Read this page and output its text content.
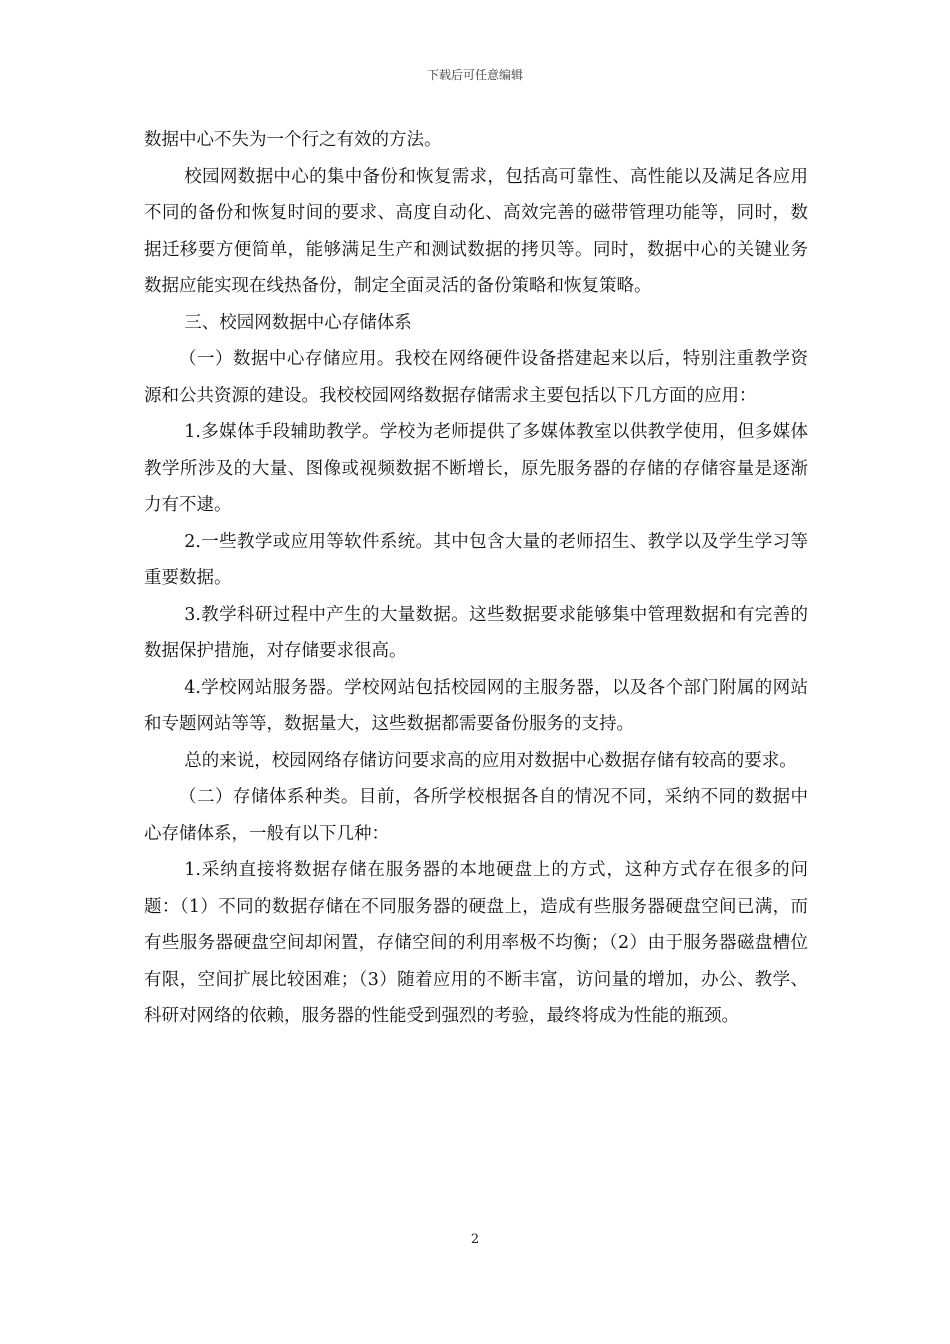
下载后可任意编辑

数据中心不失为一个行之有效的方法。

校园网数据中心的集中备份和恢复需求，包括高可靠性、高性能以及满足各应用不同的备份和恢复时间的要求、高度自动化、高效完善的磁带管理功能等，同时，数据迁移要方便简单，能够满足生产和测试数据的拷贝等。同时，数据中心的关键业务数据应能实现在线热备份，制定全面灵活的备份策略和恢复策略。

三、校园网数据中心存储体系

（一）数据中心存储应用。我校在网络硬件设备搭建起来以后，特别注重教学资源和公共资源的建设。我校校园网络数据存储需求主要包括以下几方面的应用：

1.多媒体手段辅助教学。学校为老师提供了多媒体教室以供教学使用，但多媒体教学所涉及的大量、图像或视频数据不断增长，原先服务器的存储的存储容量是逐渐力有不逮。

2.一些教学或应用等软件系统。其中包含大量的老师招生、教学以及学生学习等重要数据。

3.教学科研过程中产生的大量数据。这些数据要求能够集中管理数据和有完善的数据保护措施，对存储要求很高。

4.学校网站服务器。学校网站包括校园网的主服务器，以及各个部门附属的网站和专题网站等等，数据量大，这些数据都需要备份服务的支持。

总的来说，校园网络存储访问要求高的应用对数据中心数据存储有较高的要求。

（二）存储体系种类。目前，各所学校根据各自的情况不同，采纳不同的数据中心存储体系，一般有以下几种：

1.采纳直接将数据存储在服务器的本地硬盘上的方式，这种方式存在很多的问题：（1）不同的数据存储在不同服务器的硬盘上，造成有些服务器硬盘空间已满，而有些服务器硬盘空间却闲置，存储空间的利用率极不均衡；（2）由于服务器磁盘槽位有限，空间扩展比较困难；（3）随着应用的不断丰富，访问量的增加，办公、教学、科研对网络的依赖，服务器的性能受到强烈的考验，最终将成为性能的瓶颈。

2
